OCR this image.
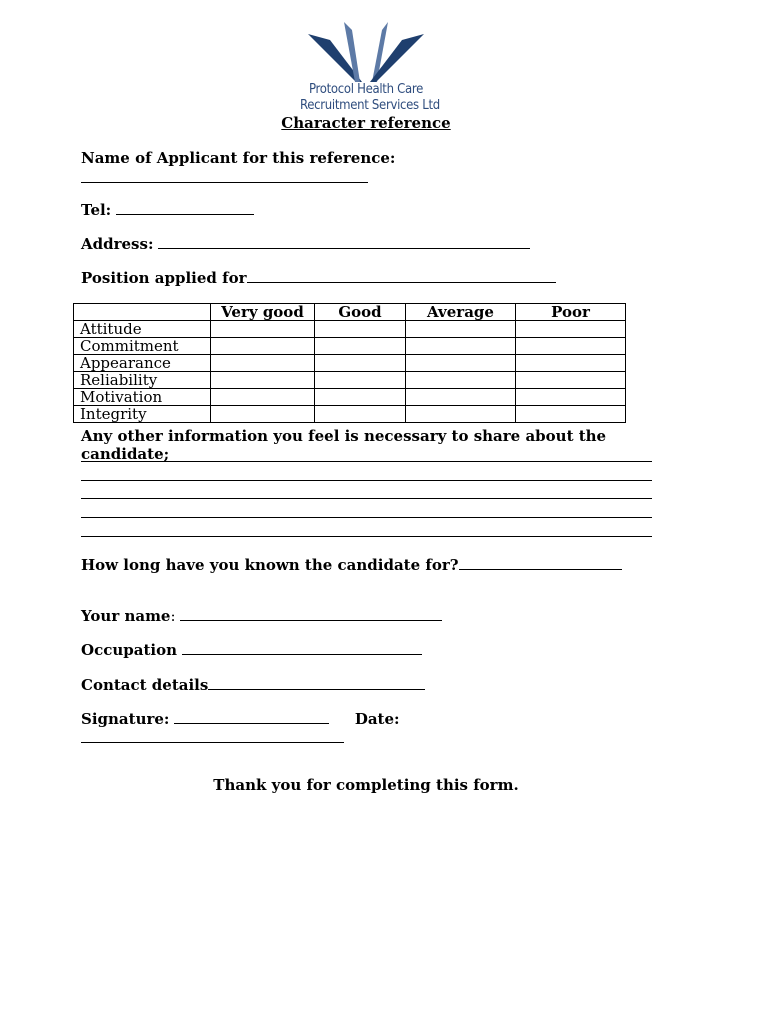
Protocol Health Care
Recruitment Services Ltd
Character reference
Name of Applicant for this reference:
Tel:
Address:
Position applied for
	Very good	Good	Average	Poor
Attitude				
Commitment				
Appearance				
Reliability				
Motivation				
Integrity				
Any other information you feel is necessary to share about the
candidate;
How long have you known the candidate for?
Your name:
Occupation
Contact details
Signature:	Date:
Thank you for completing this form.
